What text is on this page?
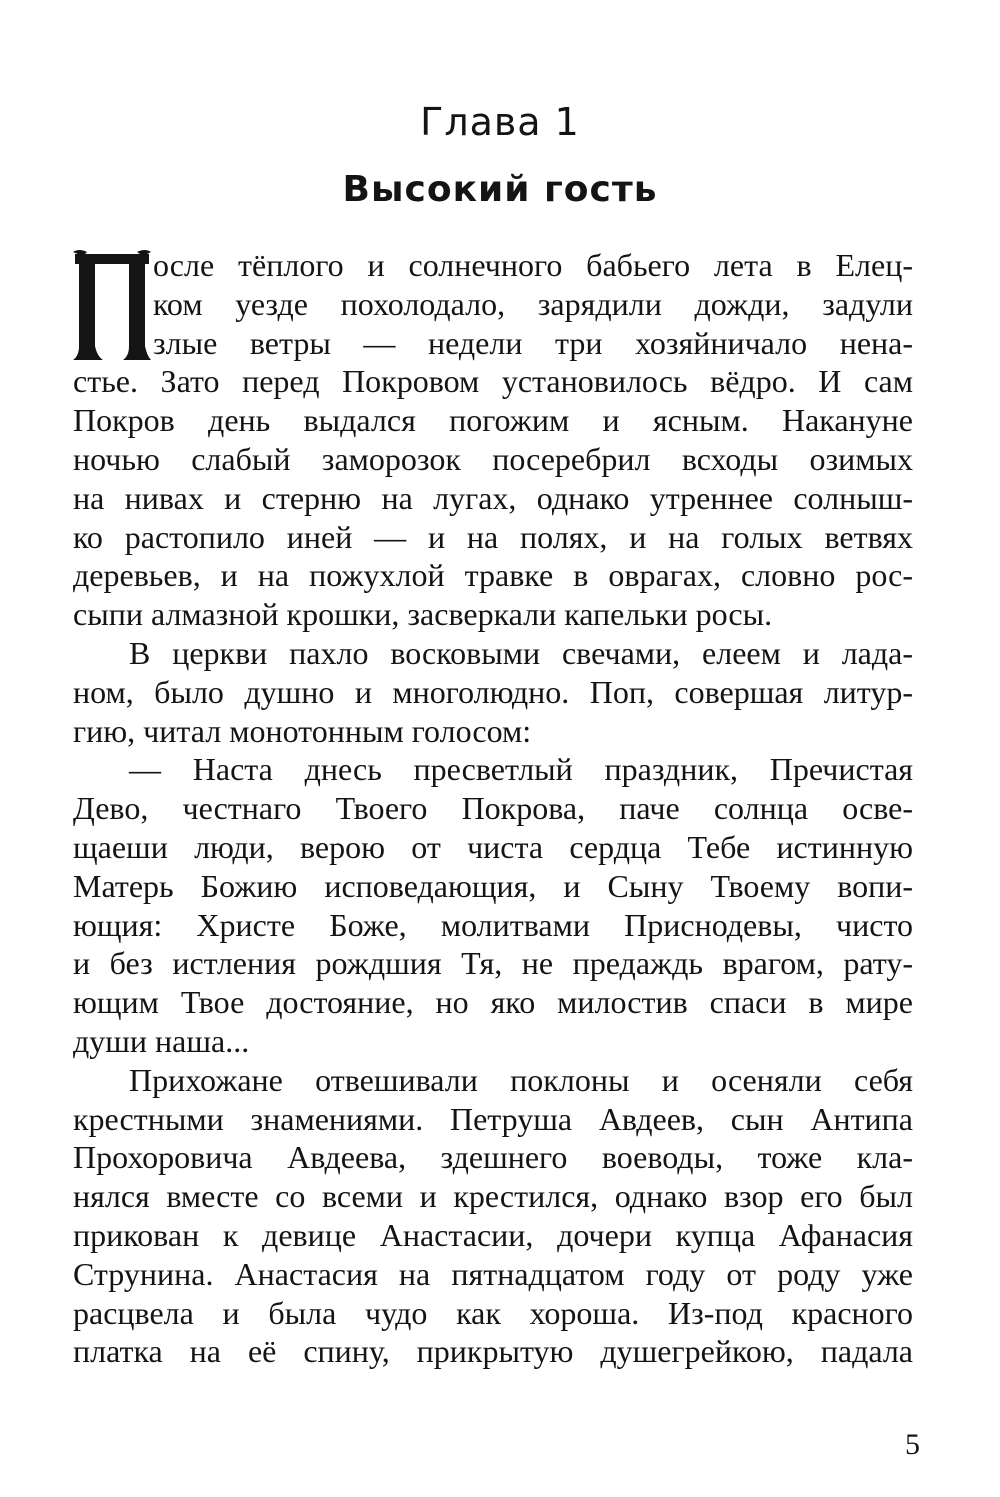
Глава 1
Высокий гость
осле тёплого и солнечного бабьего лета в Елец-
ком уезде похолодало, зарядили дожди, задули
злые ветры — недели три хозяйничало нена-
стье. Зато перед Покровом установилось вёдро. И сам
Покров день выдался погожим и ясным. Накануне
ночью слабый заморозок посеребрил всходы озимых
на нивах и стерню на лугах, однако утреннее солныш-
ко растопило иней — и на полях, и на голых ветвях
деревьев, и на пожухлой травке в оврагах, словно рос-
сыпи алмазной крошки, засверкали капельки росы.
В церкви пахло восковыми свечами, елеем и лада-
ном, было душно и многолюдно. Поп, совершая литур-
гию, читал монотонным голосом:
— Наста днесь пресветлый праздник, Пречистая
Дево, честнаго Твоего Покрова, паче солнца осве-
щаеши люди, верою от чиста сердца Тебе истинную
Матерь Божию исповедающия, и Сыну Твоему вопи-
ющия: Христе Боже, молитвами Приснодевы, чисто
и без истления рождшия Тя, не предаждь врагом, рату-
ющим Твое достояние, но яко милостив спаси в мире
души наша...
Прихожане отвешивали поклоны и осеняли себя
крестными знамениями. Петруша Авдеев, сын Антипа
Прохоровича Авдеева, здешнего воеводы, тоже кла-
нялся вместе со всеми и крестился, однако взор его был
прикован к девице Анастасии, дочери купца Афанасия
Струнина. Анастасия на пятнадцатом году от роду уже
расцвела и была чудо как хороша. Из-под красного
платка на её спину, прикрытую душегрейкою, падала
5
